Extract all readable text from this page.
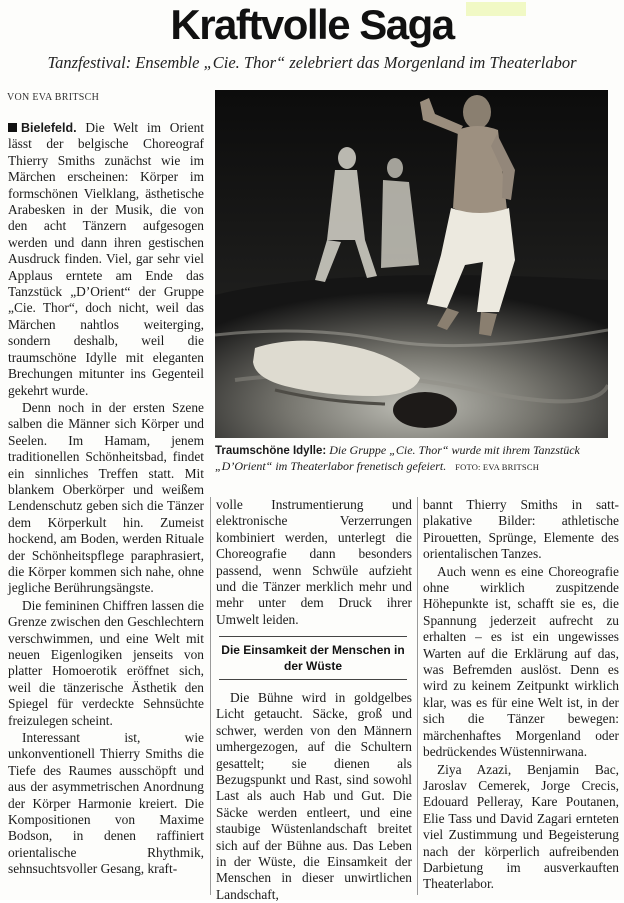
Kraftvolle Saga
Tanzfestival: Ensemble „Cie. Thor“ zelebriert das Morgenland im Theaterlabor
VON EVA BRITSCH

Bielefeld. Die Welt im Orient lässt der belgische Choreograf Thierry Smiths zunächst wie im Märchen erscheinen: Körper im formschönen Vielklang, ästhetische Arabesken in der Musik, die von den acht Tänzern aufgesogen werden und dann ihren gestischen Ausdruck finden. Viel, gar sehr viel Applaus erntete am Ende das Tanzstück „D’Orient“ der Gruppe „Cie. Thor“, doch nicht, weil das Märchen nahtlos weiterging, sondern deshalb, weil die traumschöne Idylle mit eleganten Brechungen mitunter ins Gegenteil gekehrt wurde.

Denn noch in der ersten Szene salben die Männer sich Körper und Seelen. Im Hamam, jenem traditionellen Schönheitsbad, findet ein sinnliches Treffen statt. Mit blankem Oberkörper und weißem Lendenschutz geben sich die Tänzer dem Körperkult hin. Zumeist hockend, am Boden, werden Rituale der Schönheitspflege paraphrasiert, die Körper kommen sich nahe, ohne jegliche Berührungsängste.

Die femininen Chiffren lassen die Grenze zwischen den Geschlechtern verschwimmen, und eine Welt mit neuen Eigenlogiken jenseits von platter Homoerotik eröffnet sich, weil die tänzerische Ästhetik den Spiegel für verdeckte Sehnsüchte freizulegen scheint.

Interessant ist, wie unkonventionell Thierry Smiths die Tiefe des Raumes ausschöpft und aus der asymmetrischen Anordnung der Körper Harmonie kreiert. Die Kompositionen von Maxime Bodson, in denen raffiniert orientalische Rhythmik, sehnsuchtsvoller Gesang, kraft-

Traumschöne Idylle: Die Gruppe „Cie. Thor“ wurde mit ihrem Tanzstück „D’Orient“ im Theaterlabor frenetisch gefeiert. FOTO: EVA BRITSCH

volle Instrumentierung und elektronische Verzerrungen kombiniert werden, unterlegt die Choreografie dann besonders passend, wenn Schwüle aufzieht und die Tänzer merklich mehr und mehr unter dem Druck ihrer Umwelt leiden.

Die Einsamkeit der Menschen in der Wüste

Die Bühne wird in goldgelbes Licht getaucht. Säcke, groß und schwer, werden von den Männern umhergezogen, auf die Schultern gesattelt; sie dienen als Bezugspunkt und Rast, sind sowohl Last als auch Hab und Gut. Die Säcke werden entleert, und eine staubige Wüstenlandschaft breitet sich auf der Bühne aus. Das Leben in der Wüste, die Einsamkeit der Menschen in dieser unwirtlichen Landschaft,

bannt Thierry Smiths in satt-plakative Bilder: athletische Pirouetten, Sprünge, Elemente des orientalischen Tanzes.

Auch wenn es eine Choreografie ohne wirklich zuspitzende Höhepunkte ist, schafft sie es, die Spannung jederzeit aufrecht zu erhalten – es ist ein ungewisses Warten auf die Erklärung auf das, was Befremden auslöst. Denn es wird zu keinem Zeitpunkt wirklich klar, was es für eine Welt ist, in der sich die Tänzer bewegen: märchenhaftes Morgenland oder bedrückendes Wüstennirwana.

Ziya Azazi, Benjamin Bac, Jaroslav Cemerek, Jorge Crecis, Edouard Pelleray, Kare Poutanen, Elie Tass und David Zagari ernteten viel Zustimmung und Begeisterung nach der körperlich aufreibenden Darbietung im ausverkauften Theaterlabor.
